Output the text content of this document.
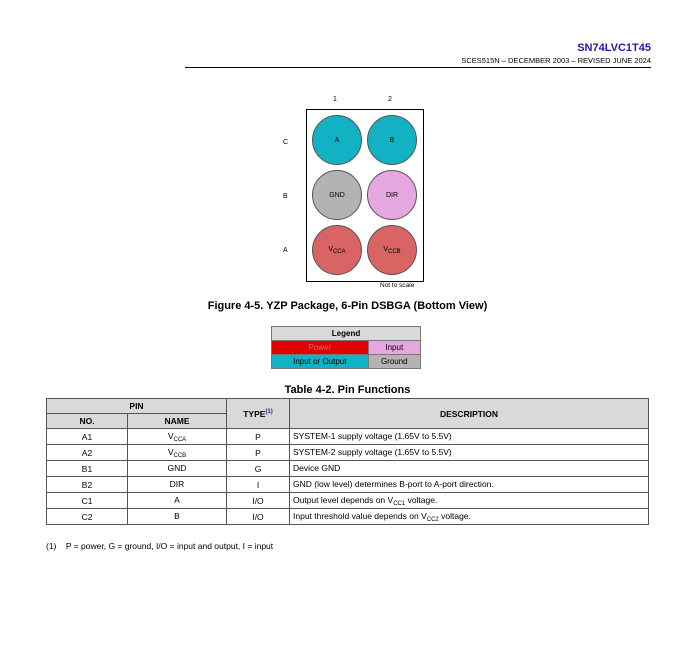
SN74LVC1T45
SCES515N – DECEMBER 2003 – REVISED JUNE 2024
1	2
C
B
A
A	B
GND	DIR
$V_{CCA}$	$V_{CCB}$
Not to scale
Figure 4-5. YZP Package, 6-Pin DSBGA (Bottom View)
Legend	
Power	Input
Input or Output	Ground
Table 4-2. Pin Functions
PIN		TYPE$^{(1)}$	DESCRIPTION
NO.	NAME		
A1	$V_{CCA}$	P	SYSTEM-1 supply voltage (1.65V to 5.5V)
A2	$V_{CCB}$	P	SYSTEM-2 supply voltage (1.65V to 5.5V)
B1	GND	G	Device GND
B2	DIR	I	GND (low level) determines B-port to A-port direction.
C1	A	I/O	Output level depends on $V_{CC1}$ voltage.
C2	B	I/O	Input threshold value depends on $V_{CC2}$ voltage.
(1) P = power, G = ground, I/O = input and output, I = input
